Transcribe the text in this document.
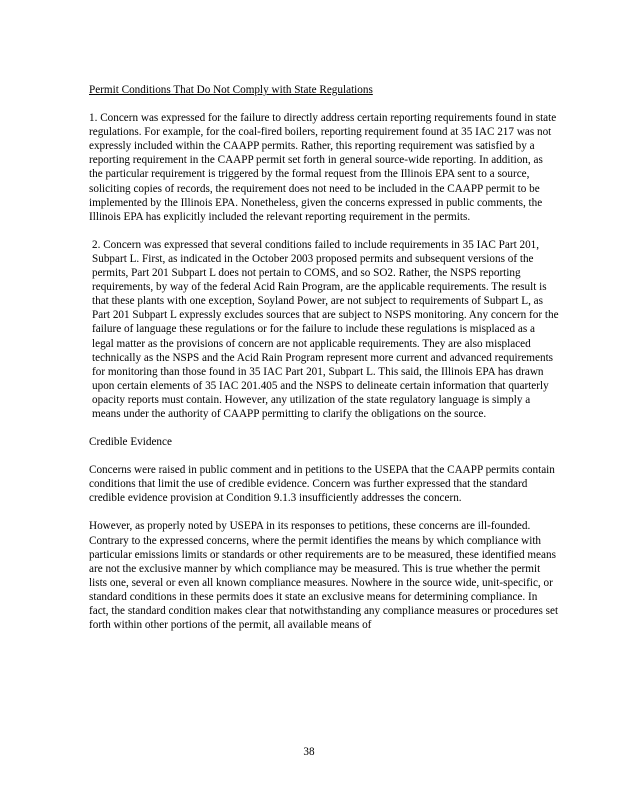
Permit Conditions That Do Not Comply with State Regulations

1. Concern was expressed for the failure to directly address certain reporting requirements found in state regulations. For example, for the coal-fired boilers, reporting requirement found at 35 IAC 217 was not expressly included within the CAAPP permits. Rather, this reporting requirement was satisfied by a reporting requirement in the CAAPP permit set forth in general source-wide reporting. In addition, as the particular requirement is triggered by the formal request from the Illinois EPA sent to a source, soliciting copies of records, the requirement does not need to be included in the CAAPP permit to be implemented by the Illinois EPA. Nonetheless, given the concerns expressed in public comments, the Illinois EPA has explicitly included the relevant reporting requirement in the permits.

2. Concern was expressed that several conditions failed to include requirements in 35 IAC Part 201, Subpart L. First, as indicated in the October 2003 proposed permits and subsequent versions of the permits, Part 201 Subpart L does not pertain to COMS, and so SO2. Rather, the NSPS reporting requirements, by way of the federal Acid Rain Program, are the applicable requirements. The result is that these plants with one exception, Soyland Power, are not subject to requirements of Subpart L, as Part 201 Subpart L expressly excludes sources that are subject to NSPS monitoring. Any concern for the failure of language these regulations or for the failure to include these regulations is misplaced as a legal matter as the provisions of concern are not applicable requirements. They are also misplaced technically as the NSPS and the Acid Rain Program represent more current and advanced requirements for monitoring than those found in 35 IAC Part 201, Subpart L. This said, the Illinois EPA has drawn upon certain elements of 35 IAC 201.405 and the NSPS to delineate certain information that quarterly opacity reports must contain. However, any utilization of the state regulatory language is simply a means under the authority of CAAPP permitting to clarify the obligations on the source.

Credible Evidence

Concerns were raised in public comment and in petitions to the USEPA that the CAAPP permits contain conditions that limit the use of credible evidence. Concern was further expressed that the standard credible evidence provision at Condition 9.1.3 insufficiently addresses the concern.

However, as properly noted by USEPA in its responses to petitions, these concerns are ill-founded. Contrary to the expressed concerns, where the permit identifies the means by which compliance with particular emissions limits or standards or other requirements are to be measured, these identified means are not the exclusive manner by which compliance may be measured. This is true whether the permit lists one, several or even all known compliance measures. Nowhere in the source wide, unit-specific, or standard conditions in these permits does it state an exclusive means for determining compliance. In fact, the standard condition makes clear that notwithstanding any compliance measures or procedures set forth within other portions of the permit, all available means of

38
